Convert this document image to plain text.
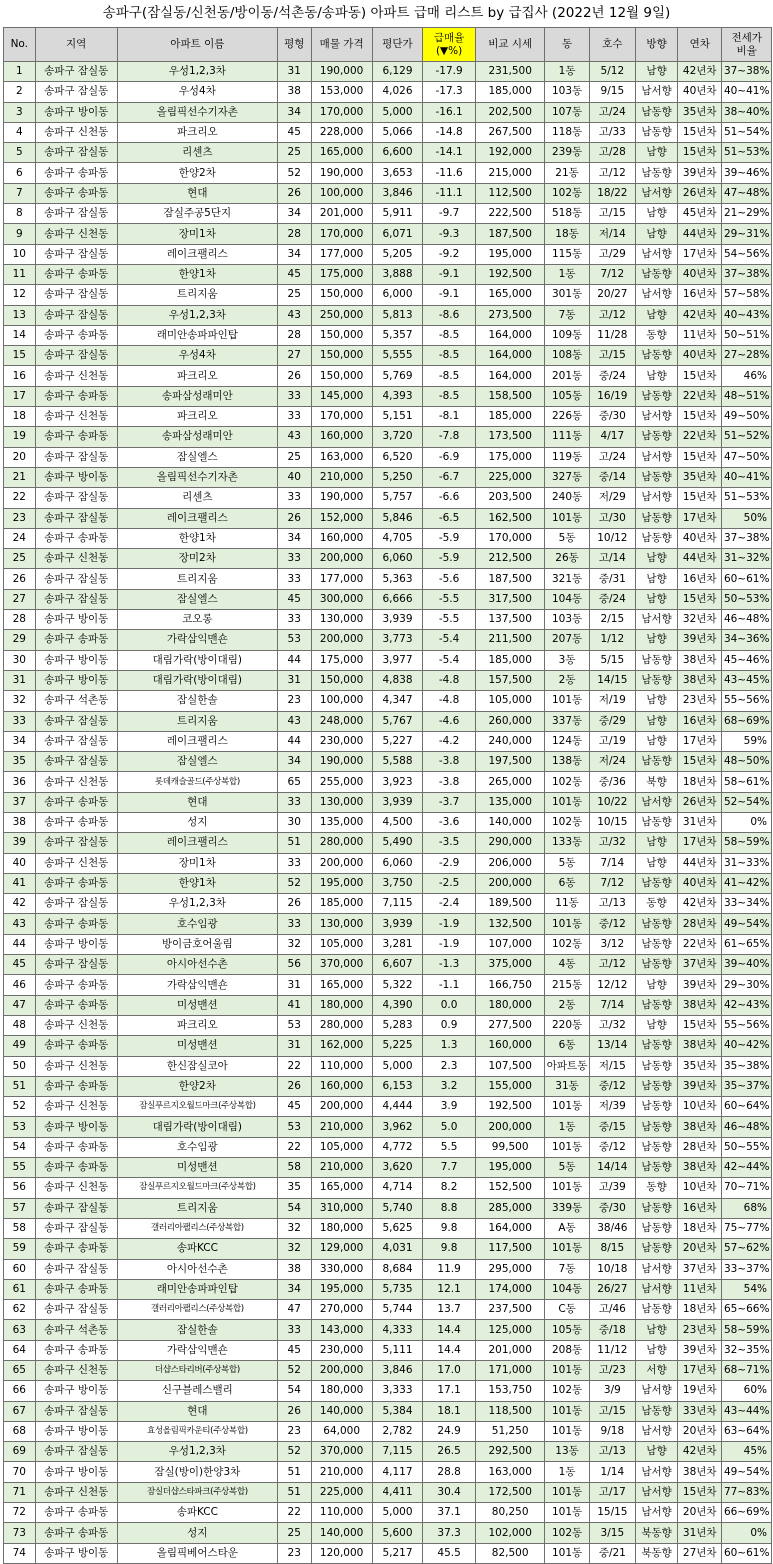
송파구(잠실동/신천동/방이동/석촌동/송파동) 아파트 급매 리스트 by 급집사 (2022년 12월 9일)
No.	지역	아파트 이름	평형	매물 가격	평단가	급매율
(▼%)	비교 시세	동	호수	방향	연차	전세가
비율
1	송파구 잠실동	우성1,2,3차	31	190,000	6,129	-17.9	231,500	1동	5/12	남향	42년차	37~38%
2	송파구 잠실동	우성4차	38	153,000	4,026	-17.3	185,000	103동	9/15	남서향	40년차	40~41%
3	송파구 방이동	올림픽선수기자촌	34	170,000	5,000	-16.1	202,500	107동	고/24	남동향	35년차	38~40%
4	송파구 신천동	파크리오	45	228,000	5,066	-14.8	267,500	118동	고/33	남동향	15년차	51~54%
5	송파구 잠실동	리센츠	25	165,000	6,600	-14.1	192,000	239동	고/28	남향	15년차	51~53%
6	송파구 송파동	한양2차	52	190,000	3,653	-11.6	215,000	21동	고/12	남동향	39년차	39~46%
7	송파구 송파동	현대	26	100,000	3,846	-11.1	112,500	102동	18/22	남서향	26년차	47~48%
8	송파구 잠실동	잠실주공5단지	34	201,000	5,911	-9.7	222,500	518동	고/15	남향	45년차	21~29%
9	송파구 신천동	장미1차	28	170,000	6,071	-9.3	187,500	18동	저/14	남향	44년차	29~31%
10	송파구 잠실동	레이크팰리스	34	177,000	5,205	-9.2	195,000	115동	고/29	남서향	17년차	54~56%
11	송파구 송파동	한양1차	45	175,000	3,888	-9.1	192,500	1동	7/12	남동향	40년차	37~38%
12	송파구 잠실동	트리지움	25	150,000	6,000	-9.1	165,000	301동	20/27	남서향	16년차	57~58%
13	송파구 잠실동	우성1,2,3차	43	250,000	5,813	-8.6	273,500	7동	고/12	남향	42년차	40~43%
14	송파구 송파동	래미안송파파인탑	28	150,000	5,357	-8.5	164,000	109동	11/28	동향	11년차	50~51%
15	송파구 잠실동	우성4차	27	150,000	5,555	-8.5	164,000	108동	고/15	남동향	40년차	27~28%
16	송파구 신천동	파크리오	26	150,000	5,769	-8.5	164,000	201동	중/24	남향	15년차	46%
17	송파구 송파동	송파삼성래미안	33	145,000	4,393	-8.5	158,500	105동	16/19	남동향	22년차	48~51%
18	송파구 신천동	파크리오	33	170,000	5,151	-8.1	185,000	226동	중/30	남서향	15년차	49~50%
19	송파구 송파동	송파삼성래미안	43	160,000	3,720	-7.8	173,500	111동	4/17	남동향	22년차	51~52%
20	송파구 잠실동	잠실엘스	25	163,000	6,520	-6.9	175,000	119동	고/24	남서향	15년차	47~50%
21	송파구 방이동	올림픽선수기자촌	40	210,000	5,250	-6.7	225,000	327동	중/14	남동향	35년차	40~41%
22	송파구 잠실동	리센츠	33	190,000	5,757	-6.6	203,500	240동	저/29	남서향	15년차	51~53%
23	송파구 잠실동	레이크팰리스	26	152,000	5,846	-6.5	162,500	101동	고/30	남동향	17년차	50%
24	송파구 송파동	한양1차	34	160,000	4,705	-5.9	170,000	5동	10/12	남동향	40년차	37~38%
25	송파구 신천동	장미2차	33	200,000	6,060	-5.9	212,500	26동	고/14	남향	44년차	31~32%
26	송파구 잠실동	트리지움	33	177,000	5,363	-5.6	187,500	321동	중/31	남향	16년차	60~61%
27	송파구 잠실동	잠실엘스	45	300,000	6,666	-5.5	317,500	104동	중/24	남향	15년차	50~53%
28	송파구 방이동	코오롱	33	130,000	3,939	-5.5	137,500	103동	2/15	남서향	32년차	46~48%
29	송파구 송파동	가락삼익맨숀	53	200,000	3,773	-5.4	211,500	207동	1/12	남향	39년차	34~36%
30	송파구 방이동	대림가락(방이대림)	44	175,000	3,977	-5.4	185,000	3동	5/15	남동향	38년차	45~46%
31	송파구 방이동	대림가락(방이대림)	31	150,000	4,838	-4.8	157,500	2동	14/15	남동향	38년차	43~45%
32	송파구 석촌동	잠실한솔	23	100,000	4,347	-4.8	105,000	101동	저/19	남향	23년차	55~56%
33	송파구 잠실동	트리지움	43	248,000	5,767	-4.6	260,000	337동	중/29	남향	16년차	68~69%
34	송파구 잠실동	레이크팰리스	44	230,000	5,227	-4.2	240,000	124동	고/19	남향	17년차	59%
35	송파구 잠실동	잠실엘스	34	190,000	5,588	-3.8	197,500	138동	저/24	남동향	15년차	48~50%
36	송파구 신천동	롯데캐슬골드(주상복합)	65	255,000	3,923	-3.8	265,000	102동	중/36	북향	18년차	58~61%
37	송파구 송파동	현대	33	130,000	3,939	-3.7	135,000	101동	10/22	남서향	26년차	52~54%
38	송파구 송파동	성지	30	135,000	4,500	-3.6	140,000	102동	10/15	남동향	31년차	0%
39	송파구 잠실동	레이크팰리스	51	280,000	5,490	-3.5	290,000	133동	고/32	남향	17년차	58~59%
40	송파구 신천동	장미1차	33	200,000	6,060	-2.9	206,000	5동	7/14	남향	44년차	31~33%
41	송파구 송파동	한양1차	52	195,000	3,750	-2.5	200,000	6동	7/12	남동향	40년차	41~42%
42	송파구 잠실동	우성1,2,3차	26	185,000	7,115	-2.4	189,500	11동	고/13	동향	42년차	33~34%
43	송파구 송파동	호수임광	33	130,000	3,939	-1.9	132,500	101동	중/12	남동향	28년차	49~54%
44	송파구 방이동	방이금호어울림	32	105,000	3,281	-1.9	107,000	102동	3/12	남동향	22년차	61~65%
45	송파구 잠실동	아시아선수촌	56	370,000	6,607	-1.3	375,000	4동	고/12	남동향	37년차	39~40%
46	송파구 송파동	가락삼익맨숀	31	165,000	5,322	-1.1	166,750	215동	12/12	남향	39년차	29~30%
47	송파구 송파동	미성맨션	41	180,000	4,390	0.0	180,000	2동	7/14	남동향	38년차	42~43%
48	송파구 신천동	파크리오	53	280,000	5,283	0.9	277,500	220동	고/32	남향	15년차	55~56%
49	송파구 송파동	미성맨션	31	162,000	5,225	1.3	160,000	6동	13/14	남동향	38년차	40~42%
50	송파구 신천동	한신잠실코아	22	110,000	5,000	2.3	107,500	아파트동	저/15	남동향	35년차	35~38%
51	송파구 송파동	한양2차	26	160,000	6,153	3.2	155,000	31동	중/12	남동향	39년차	35~37%
52	송파구 신천동	잠실푸르지오월드마크(주상복합)	45	200,000	4,444	3.9	192,500	101동	저/39	남동향	10년차	60~64%
53	송파구 방이동	대림가락(방이대림)	53	210,000	3,962	5.0	200,000	1동	중/15	남동향	38년차	46~48%
54	송파구 송파동	호수임광	22	105,000	4,772	5.5	99,500	101동	중/12	남동향	28년차	50~55%
55	송파구 송파동	미성맨션	58	210,000	3,620	7.7	195,000	5동	14/14	남동향	38년차	42~44%
56	송파구 신천동	잠실푸르지오월드마크(주상복합)	35	165,000	4,714	8.2	152,500	101동	고/39	동향	10년차	70~71%
57	송파구 잠실동	트리지움	54	310,000	5,740	8.8	285,000	339동	중/30	남동향	16년차	68%
58	송파구 잠실동	갤러리아팰리스(주상복합)	32	180,000	5,625	9.8	164,000	A동	38/46	남동향	18년차	75~77%
59	송파구 송파동	송파KCC	32	129,000	4,031	9.8	117,500	101동	8/15	남동향	20년차	57~62%
60	송파구 잠실동	아시아선수촌	38	330,000	8,684	11.9	295,000	7동	10/18	남서향	37년차	33~37%
61	송파구 송파동	래미안송파파인탑	34	195,000	5,735	12.1	174,000	104동	26/27	남서향	11년차	54%
62	송파구 잠실동	갤러리아팰리스(주상복합)	47	270,000	5,744	13.7	237,500	C동	고/46	남동향	18년차	65~66%
63	송파구 석촌동	잠실한솔	33	143,000	4,333	14.4	125,000	105동	중/18	남향	23년차	58~59%
64	송파구 송파동	가락삼익맨숀	45	230,000	5,111	14.4	201,000	208동	11/12	남향	39년차	32~35%
65	송파구 신천동	더샵스타리버(주상복합)	52	200,000	3,846	17.0	171,000	101동	고/23	서향	17년차	68~71%
66	송파구 방이동	신구블레스밸리	54	180,000	3,333	17.1	153,750	102동	3/9	남서향	19년차	60%
67	송파구 잠실동	현대	26	140,000	5,384	18.1	118,500	101동	고/15	남동향	33년차	43~44%
68	송파구 방이동	효성올림픽카운티(주상복합)	23	64,000	2,782	24.9	51,250	101동	9/18	남서향	20년차	63~64%
69	송파구 잠실동	우성1,2,3차	52	370,000	7,115	26.5	292,500	13동	고/13	남향	42년차	45%
70	송파구 방이동	잠실(방이)한양3차	51	210,000	4,117	28.8	163,000	1동	1/14	남서향	38년차	49~54%
71	송파구 신천동	잠실더샵스타파크(주상복합)	51	225,000	4,411	30.4	172,500	101동	고/17	남서향	15년차	77~83%
72	송파구 송파동	송파KCC	22	110,000	5,000	37.1	80,250	101동	15/15	남서향	20년차	66~69%
73	송파구 송파동	성지	25	140,000	5,600	37.3	102,000	102동	3/15	북동향	31년차	0%
74	송파구 방이동	올림픽베어스타운	23	120,000	5,217	45.5	82,500	101동	중/21	북동향	27년차	60~61%
